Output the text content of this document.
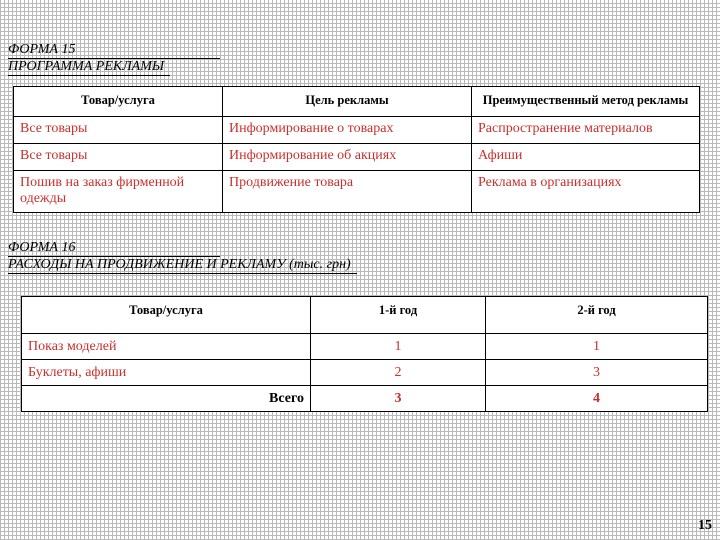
ФОРМА 15
ПРОГРАММА РЕКЛАМЫ
Товар/услуга	Цель рекламы	Преимущественный метод рекламы
Все товары	Информирование о товарах	Распространение материалов
Все товары	Информирование об акциях	Афиши
Пошив на заказ фирменной одежды	Продвижение товара	Реклама в организациях
ФОРМА 16
РАСХОДЫ НА ПРОДВИЖЕНИЕ И РЕКЛАМУ (тыс. грн)
Товар/услуга	1-й год	2-й год
Показ моделей	1	1
Буклеты, афиши	2	3
Всего	3	4
15
